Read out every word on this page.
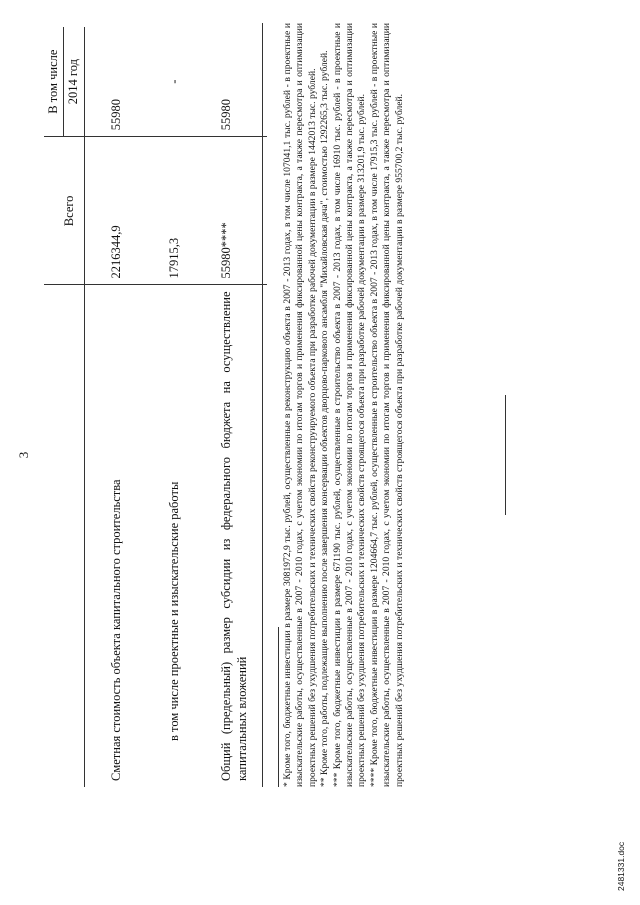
3

	Всего	В том числе 2014 год

Сметная стоимость объекта капитального строительства	2216344,9	55980

в том числе проектные и изыскательские работы	17915,3	-
Общий (предельный) размер субсидии из федерального бюджета на осуществление капитальных вложений	55980****	55980	* Кроме того, бюджетные инвестиции в размере 3081972,9 тыс. рублей, осуществленные в реконструкцию объекта в 2007 - 2013 годах, в том числе 107041,1 тыс. рублей - в проектные и изыскательские работы, осуществленные в 2007 - 2010 годах, с учетом экономии по итогам торгов и применения фиксированной цены контракта, а также пересмотра и оптимизации проектных решений без ухудшения потребительских и технических свойств реконструируемого объекта при разработке рабочей документации в размере 1442013 тыс. рублей. ** Кроме того, работы, подлежащие выполнению после завершения консервации объектов дворцово-паркового ансамбля "Михайловская дача", стоимостью 1292265,3 тыс. рублей. *** Кроме того, бюджетные инвестиции в размере 671190 тыс. рублей, осуществленные в строительство объекта в 2007 - 2013 годах, в том числе 16910 тыс. рублей - в проектные и изыскательские работы, осуществленные в 2007 - 2010 годах, с учетом экономии по итогам торгов и применения фиксированной цены контракта, а также пересмотра и оптимизации проектных решений без ухудшения потребительских и технических свойств строящегося объекта при разработке рабочей документации в размере 313201,9 тыс. рублей. **** Кроме того, бюджетные инвестиции в размере 1204664,7 тыс. рублей, осуществленные в строительство объекта в 2007 - 2013 годах, в том числе 17915,3 тыс. рублей - в проектные и изыскательские работы, осуществленные в 2007 - 2010 годах, с учетом экономии по итогам торгов и применения фиксированной цены контракта, а также пересмотра и оптимизации проектных решений без ухудшения потребительских и технических свойств строящегося объекта при разработке рабочей документации в размере 955700,2 тыс. рублей.

2481331.doc
